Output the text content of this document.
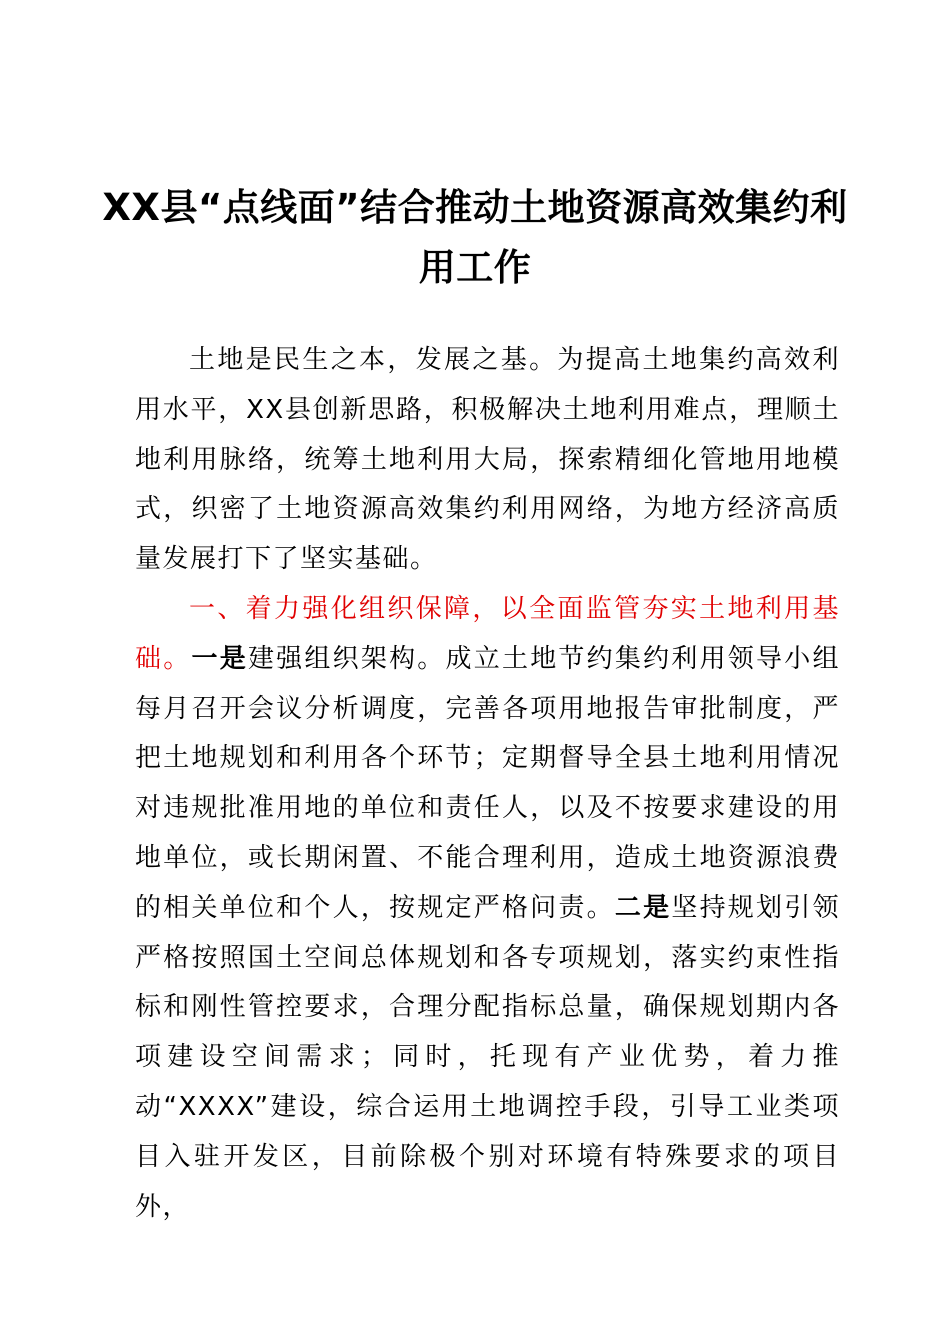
XX县“点线面”结合推动土地资源高效集约利用工作

土地是民生之本，发展之基。为提高土地集约高效利用水平，XX县创新思路，积极解决土地利用难点，理顺土地利用脉络，统筹土地利用大局，探索精细化管地用地模式，织密了土地资源高效集约利用网络，为地方经济高质量发展打下了坚实基础。

一、着力强化组织保障，以全面监管夯实土地利用基础。一是建强组织架构。成立土地节约集约利用领导小组每月召开会议分析调度，完善各项用地报告审批制度，严把土地规划和利用各个环节；定期督导全县土地利用情况对违规批准用地的单位和责任人，以及不按要求建设的用地单位，或长期闲置、不能合理利用，造成土地资源浪费的相关单位和个人，按规定严格问责。二是坚持规划引领严格按照国土空间总体规划和各专项规划，落实约束性指标和刚性管控要求，合理分配指标总量，确保规划期内各项建设空间需求；同时，托现有产业优势，着力推动“XXXX”建设，综合运用土地调控手段，引导工业类项目入驻开发区，目前除极个别对环境有特殊要求的项目外，
